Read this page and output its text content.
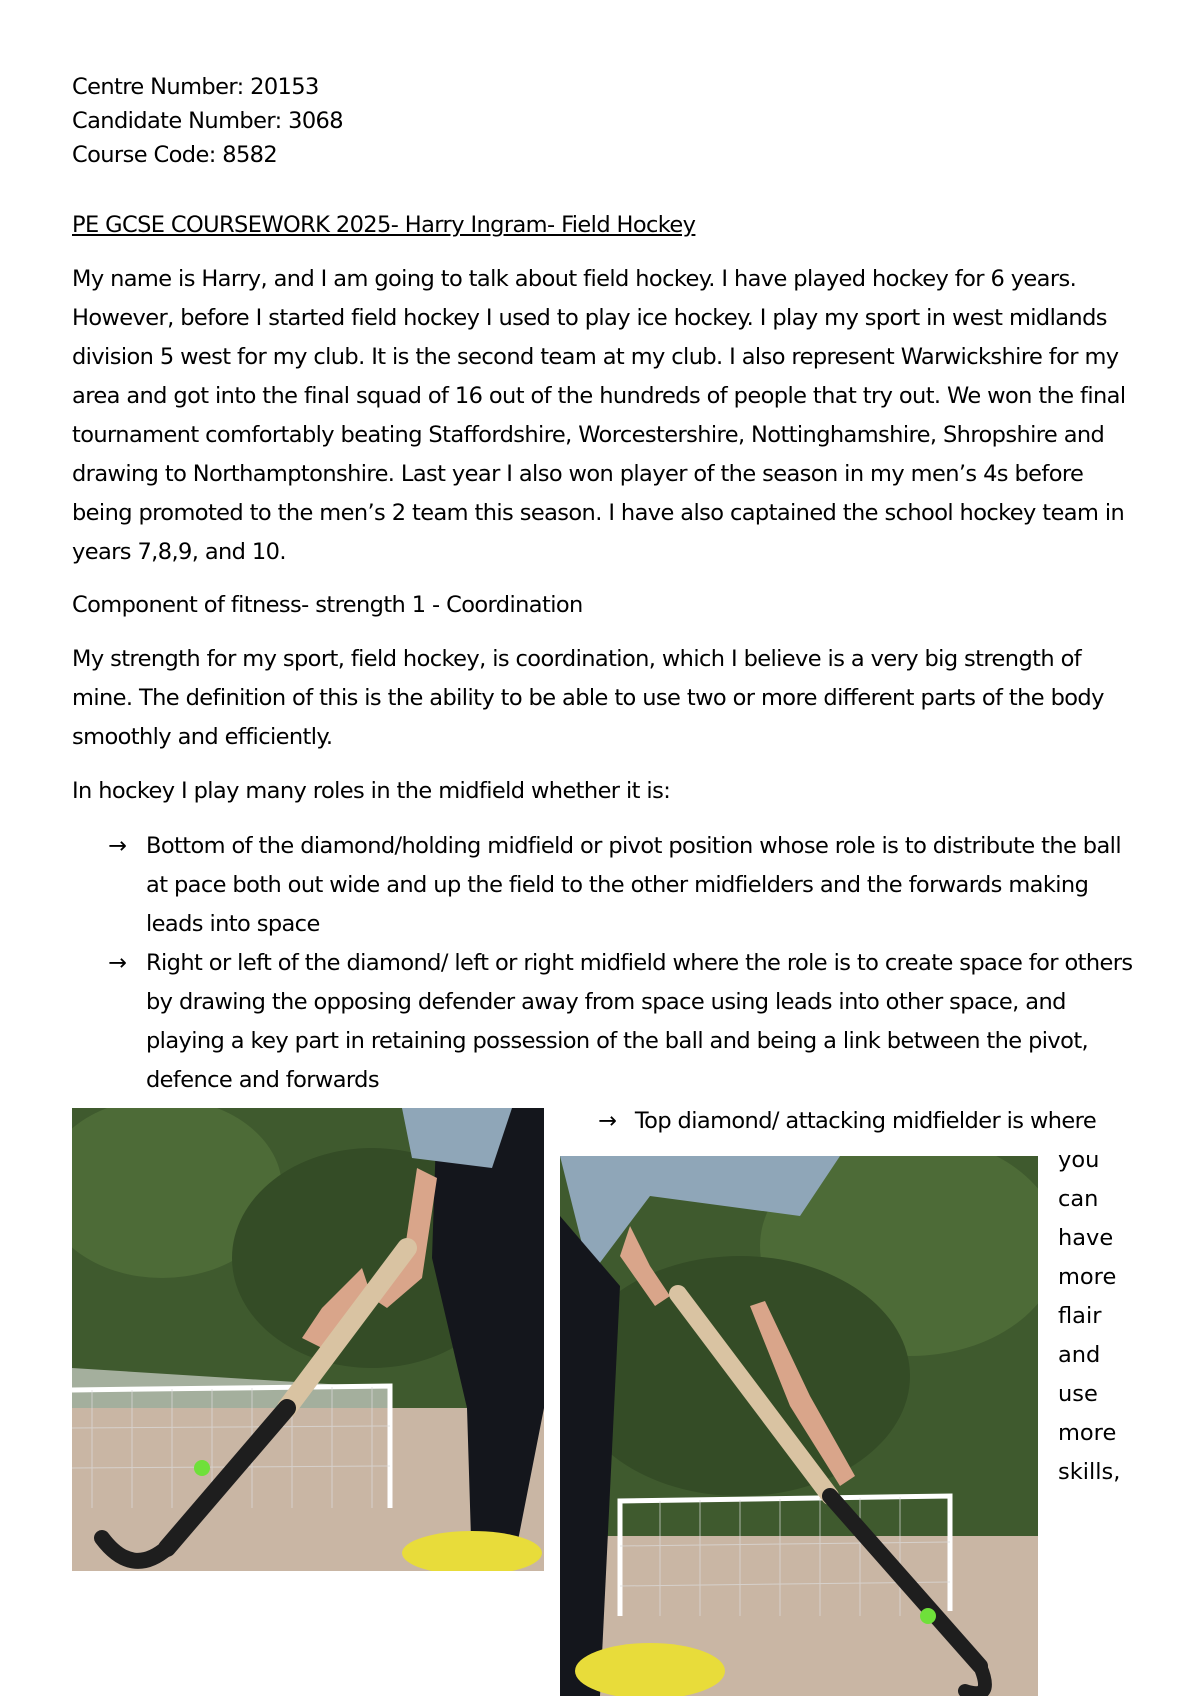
Centre Number: 20153
Candidate Number: 3068
Course Code: 8582
PE GCSE COURSEWORK 2025- Harry Ingram- Field Hockey

My name is Harry, and I am going to talk about field hockey. I have played hockey for 6 years. However, before I started field hockey I used to play ice hockey. I play my sport in west midlands division 5 west for my club. It is the second team at my club. I also represent Warwickshire for my area and got into the final squad of 16 out of the hundreds of people that try out. We won the final tournament comfortably beating Staffordshire, Worcestershire, Nottinghamshire, Shropshire and drawing to Northamptonshire. Last year I also won player of the season in my men’s 4s before being promoted to the men’s 2 team this season. I have also captained the school hockey team in years 7,8,9, and 10.

Component of fitness- strength 1 - Coordination

My strength for my sport, field hockey, is coordination, which I believe is a very big strength of mine. The definition of this is the ability to be able to use two or more different parts of the body smoothly and efficiently.

In hockey I play many roles in the midfield whether it is:
→ Bottom of the diamond/holding midfield or pivot position whose role is to distribute the ball at pace both out wide and up the field to the other midfielders and the forwards making leads into space
→ Right or left of the diamond/ left or right midfield where the role is to create space for others by drawing the opposing defender away from space using leads into other space, and playing a key part in retaining possession of the ball and being a link between the pivot, defence and forwards
→ Top diamond/ attacking midfielder is where
you
can
have
more
flair
and
use
more
skills,
